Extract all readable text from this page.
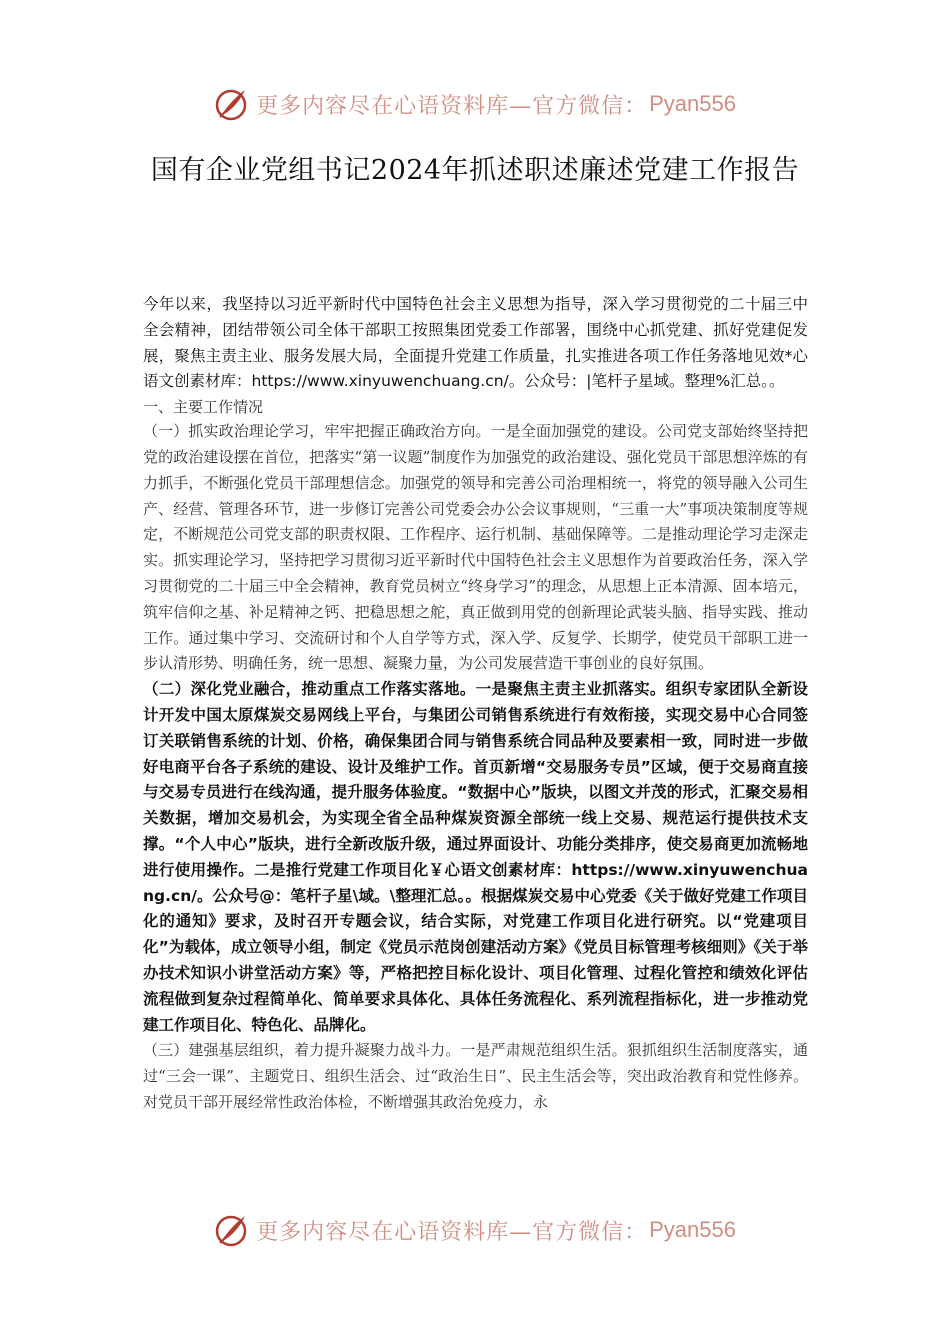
更多内容尽在心语资料库—官方微信： Pyan556
国有企业党组书记2024年抓述职述廉述党建工作报告

今年以来，我坚持以习近平新时代中国特色社会主义思想为指导，深入学习贯彻党的二十届三中全会精神，团结带领公司全体干部职工按照集团党委工作部署，围绕中心抓党建、抓好党建促发展，聚焦主责主业、服务发展大局，全面提升党建工作质量，扎实推进各项工作任务落地见效*心语文创素材库：https://www.xinyuwenchuang.cn/。公众号：|笔杆子星域。整理%汇总。。

一、主要工作情况

（一）抓实政治理论学习，牢牢把握正确政治方向。一是全面加强党的建设。公司党支部始终坚持把党的政治建设摆在首位，把落实“第一议题”制度作为加强党的政治建设、强化党员干部思想淬炼的有力抓手，不断强化党员干部理想信念。加强党的领导和完善公司治理相统一，将党的领导融入公司生产、经营、管理各环节，进一步修订完善公司党委会办公会议事规则，“三重一大”事项决策制度等规定，不断规范公司党支部的职责权限、工作程序、运行机制、基础保障等。二是推动理论学习走深走实。抓实理论学习，坚持把学习贯彻习近平新时代中国特色社会主义思想作为首要政治任务，深入学习贯彻党的二十届三中全会精神，教育党员树立“终身学习”的理念，从思想上正本清源、固本培元，筑牢信仰之基、补足精神之钙、把稳思想之舵，真正做到用党的创新理论武装头脑、指导实践、推动工作。通过集中学习、交流研讨和个人自学等方式，深入学、反复学、长期学，使党员干部职工进一步认清形势、明确任务，统一思想、凝聚力量，为公司发展营造干事创业的良好氛围。

（二）深化党业融合，推动重点工作落实落地。一是聚焦主责主业抓落实。组织专家团队全新设计开发中国太原煤炭交易网线上平台，与集团公司销售系统进行有效衔接，实现交易中心合同签订关联销售系统的计划、价格，确保集团合同与销售系统合同品种及要素相一致，同时进一步做好电商平台各子系统的建设、设计及维护工作。首页新增“交易服务专员”区域，便于交易商直接与交易专员进行在线沟通，提升服务体验度。“数据中心”版块，以图文并茂的形式，汇聚交易相关数据，增加交易机会，为实现全省全品种煤炭资源全部统一线上交易、规范运行提供技术支撑。“个人中心”版块，进行全新改版升级，通过界面设计、功能分类排序，使交易商更加流畅地进行使用操作。二是推行党建工作项目化￥心语文创素材库：https://www.xinyuwenchuang.cn/。公众号@：笔杆子星\域。\整理汇总。。根据煤炭交易中心党委《关于做好党建工作项目化的通知》要求，及时召开专题会议，结合实际，对党建工作项目化进行研究。以“党建项目化”为载体，成立领导小组，制定《党员示范岗创建活动方案》《党员目标管理考核细则》《关于举办技术知识小讲堂活动方案》等，严格把控目标化设计、项目化管理、过程化管控和绩效化评估流程做到复杂过程简单化、简单要求具体化、具体任务流程化、系列流程指标化，进一步推动党建工作项目化、特色化、品牌化。

（三）建强基层组织，着力提升凝聚力战斗力。一是严肃规范组织生活。狠抓组织生活制度落实，通过“三会一课”、主题党日、组织生活会、过“政治生日”、民主生活会等，突出政治教育和党性修养。对党员干部开展经常性政治体检，不断增强其政治免疫力，永

更多内容尽在心语资料库—官方微信： Pyan556
